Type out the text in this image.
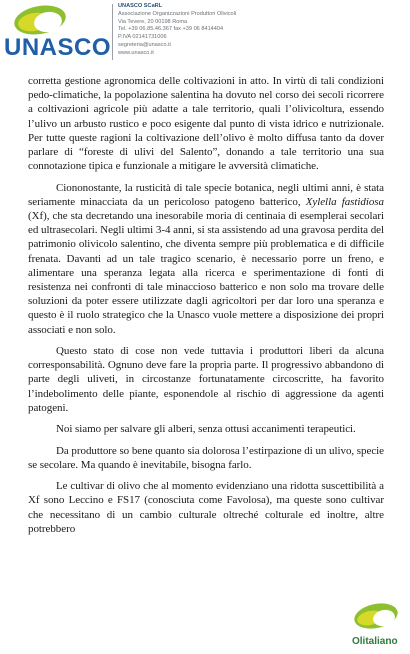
UNASCO
UNASCO SCaRL
Associazione Organizzazioni Produttori Olivicoli
Via Tevere, 20 00198 Roma
Tel. +39 06.85.46.367 fax +39 06 8414404
P.IVA 02141731006
segreteria@unasco.it
www.unasco.it

corretta gestione agronomica delle coltivazioni in atto. In virtù di tali condizioni pedo-climatiche, la popolazione salentina ha dovuto nel corso dei secoli ricorrere a coltivazioni agricole più adatte a tale territorio, quali l’olivicoltura, essendo l’ulivo un arbusto rustico e poco esigente dal punto di vista idrico e nutrizionale. Per tutte queste ragioni la coltivazione dell’olivo è molto diffusa tanto da dover parlare di “foreste di ulivi del Salento”, donando a tale territorio una sua connotazione tipica e funzionale a mitigare le avversità climatiche.

Ciononostante, la rusticità di tale specie botanica, negli ultimi anni, è stata seriamente minacciata da un pericoloso patogeno batterico, Xylella fastidiosa (Xf), che sta decretando una inesorabile moria di centinaia di esemplerai secolari ed ultrasecolari. Negli ultimi 3-4 anni, si sta assistendo ad una gravosa perdita del patrimonio olivicolo salentino, che diventa sempre più problematica e di difficile frenata. Davanti ad un tale tragico scenario, è necessario porre un freno, e alimentare una speranza legata alla ricerca e sperimentazione di fonti di resistenza nei confronti di tale minaccioso batterico e non solo ma trovare delle soluzioni da poter essere utilizzate dagli agricoltori per dar loro una speranza e questo è il ruolo strategico che la Unasco vuole mettere a disposizione dei propri associati e non solo.

Questo stato di cose non vede tuttavia i produttori liberi da alcuna corresponsabilità. Ognuno deve fare la propria parte. Il progressivo abbandono di parte degli uliveti, in circostanze fortunatamente circoscritte, ha favorito l’indebolimento delle piante, esponendole al rischio di aggressione da agenti patogeni.

Noi siamo per salvare gli alberi, senza ottusi accanimenti terapeutici.

Da produttore so bene quanto sia dolorosa l’estirpazione di un ulivo, specie se secolare. Ma quando è inevitabile, bisogna farlo.

Le cultivar di olivo che al momento evidenziano una ridotta suscettibilità a Xf sono Leccino e FS17 (conosciuta come Favolosa), ma queste sono cultivar che necessitano di un cambio culturale oltreché colturale ed inoltre, altre potrebbero

Olitaliano
